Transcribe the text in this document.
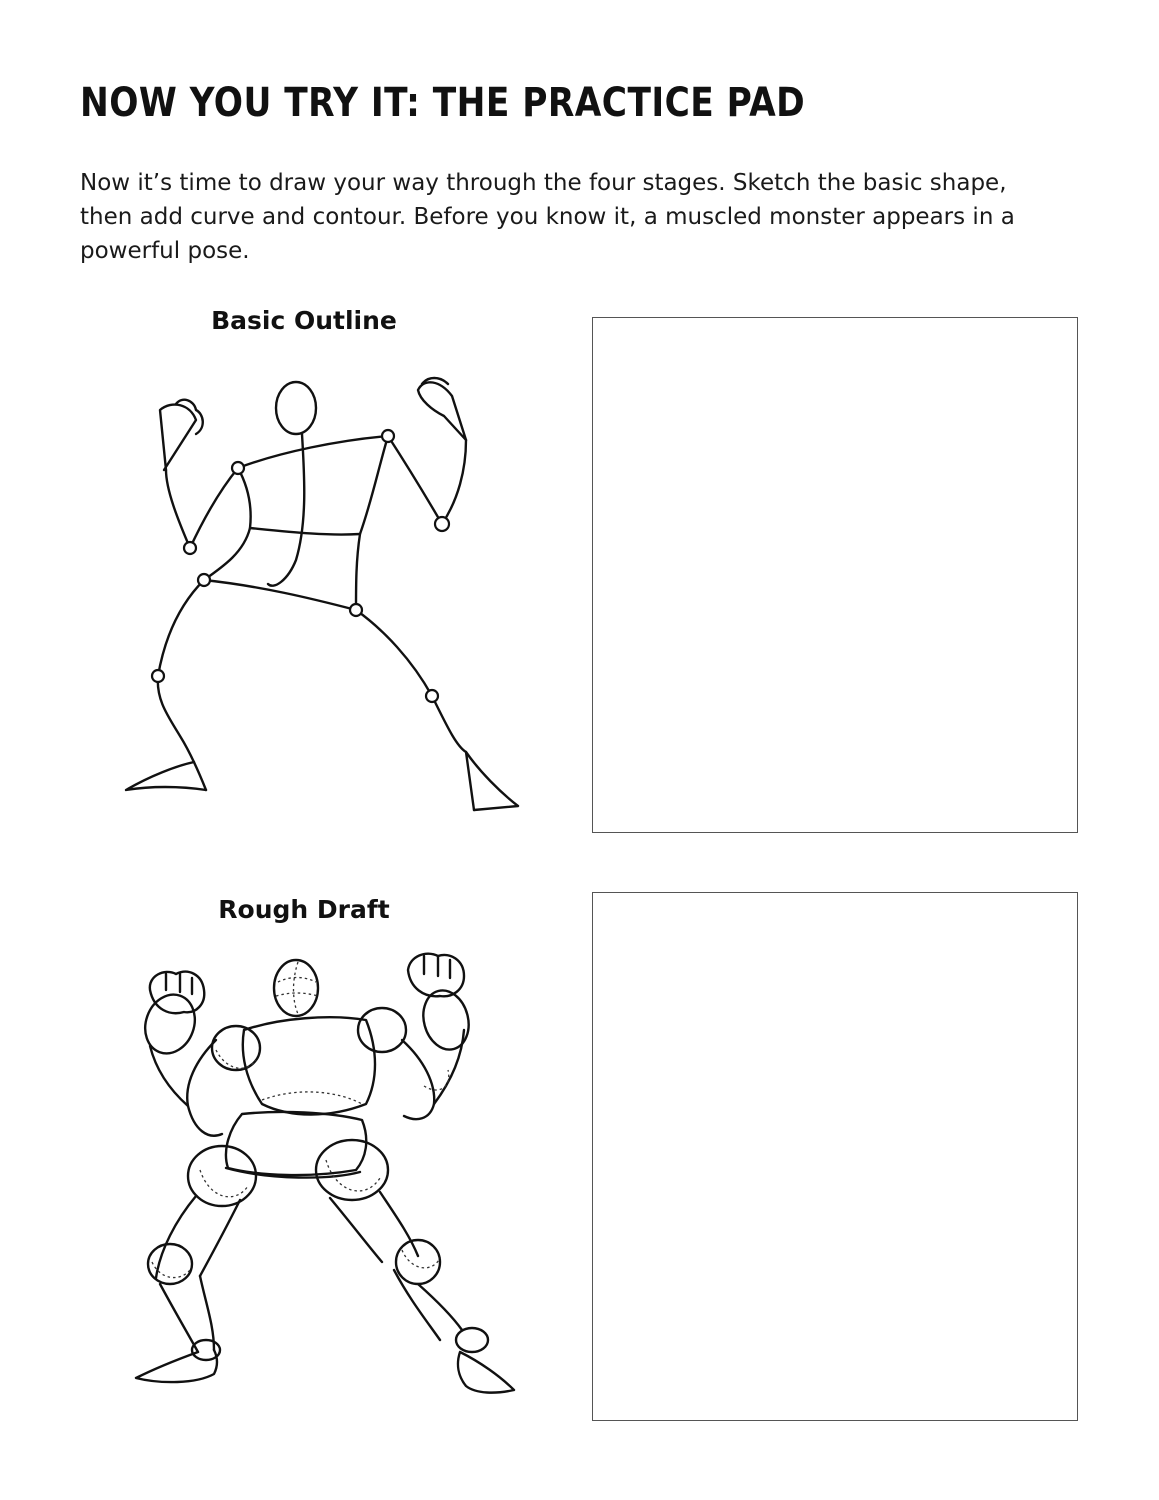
NOW YOU TRY IT: THE PRACTICE PAD

Now it’s time to draw your way through the four stages. Sketch the basic shape, then add curve and contour. Before you know it, a muscled monster appears in a powerful pose.

Basic Outline
Rough Draft
